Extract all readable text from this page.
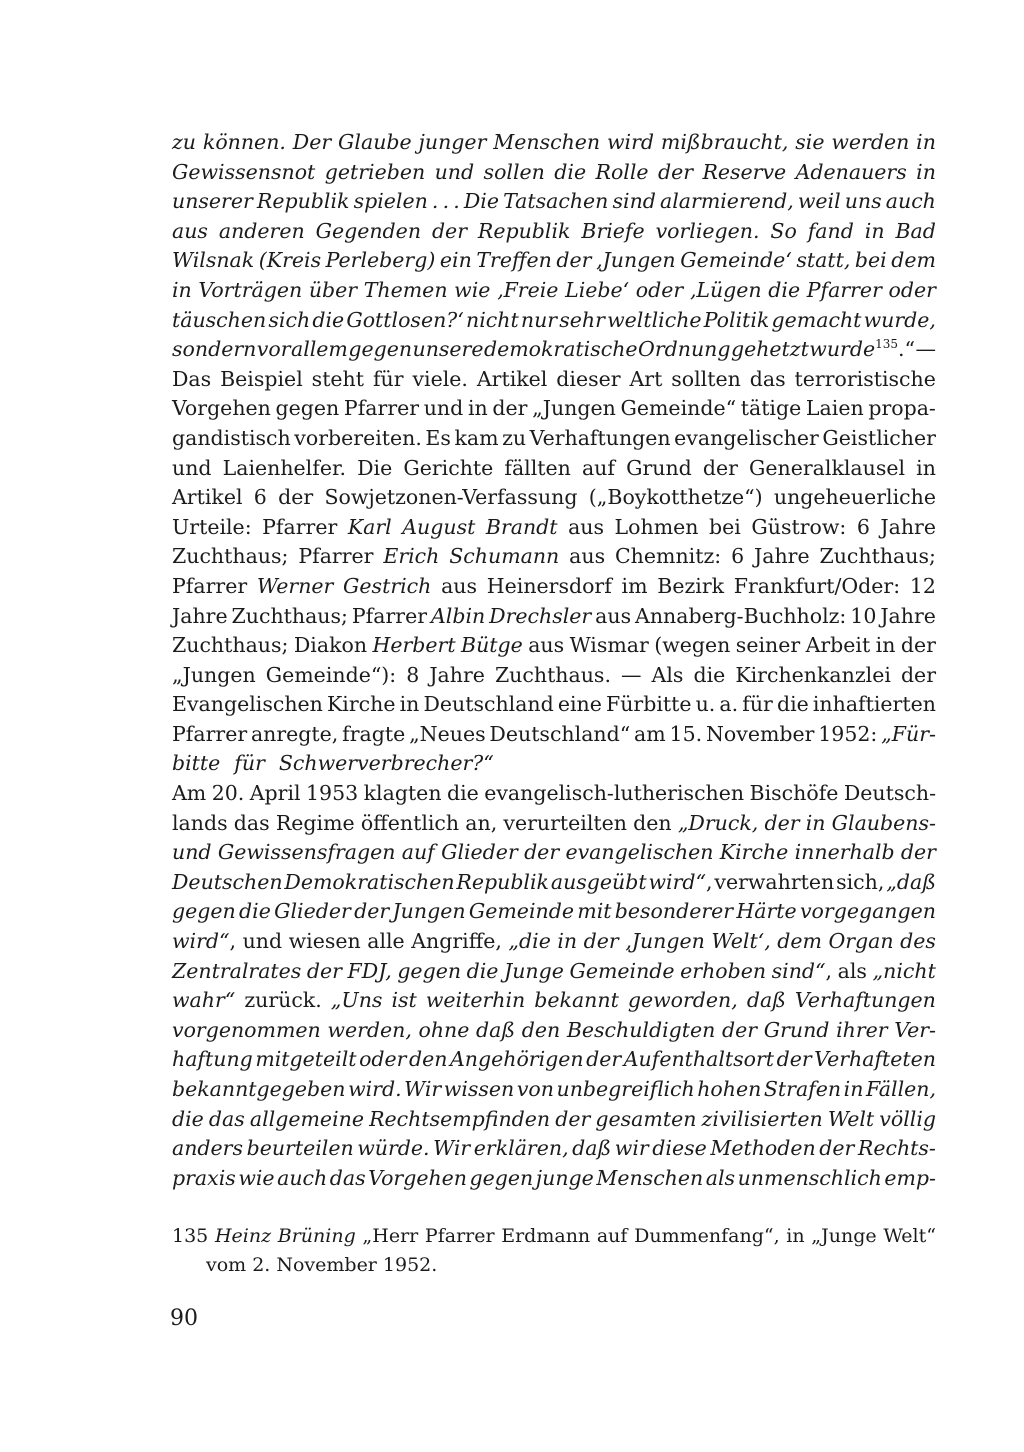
zu können. Der Glaube junger Menschen wird mißbraucht, sie werden in
Gewissensnot getrieben und sollen die Rolle der Reserve Adenauers in
unserer Republik spielen . . . Die Tatsachen sind alarmierend, weil uns auch
aus anderen Gegenden der Republik Briefe vorliegen. So fand in Bad
Wilsnak (Kreis Perleberg) ein Treffen der ‚Jungen Gemeinde‘ statt, bei dem
in Vorträgen über Themen wie ‚Freie Liebe‘ oder ‚Lügen die Pfarrer oder
täuschen sich die Gottlosen?‘ nicht nur sehr weltliche Politik gemacht wurde,
sondern vor allem gegen unsere demokratische Ordnung gehetzt wurde$^{135}$.“ —
Das Beispiel steht für viele. Artikel dieser Art sollten das terroristische
Vorgehen gegen Pfarrer und in der „Jungen Gemeinde“ tätige Laien propa-
gandistisch vorbereiten. Es kam zu Verhaftungen evangelischer Geistlicher
und Laienhelfer. Die Gerichte fällten auf Grund der Generalklausel in
Artikel 6 der Sowjetzonen-Verfassung („Boykotthetze“) ungeheuerliche
Urteile: Pfarrer Karl August Brandt aus Lohmen bei Güstrow: 6 Jahre
Zuchthaus; Pfarrer Erich Schumann aus Chemnitz: 6 Jahre Zuchthaus;
Pfarrer Werner Gestrich aus Heinersdorf im Bezirk Frankfurt/Oder: 12
Jahre Zuchthaus; Pfarrer Albin Drechsler aus Annaberg-Buchholz: 10 Jahre
Zuchthaus; Diakon Herbert Bütge aus Wismar (wegen seiner Arbeit in der
„Jungen Gemeinde“): 8 Jahre Zuchthaus. — Als die Kirchenkanzlei der
Evangelischen Kirche in Deutschland eine Fürbitte u. a. für die inhaftierten
Pfarrer anregte, fragte „Neues Deutschland“ am 15. November 1952: „Für-
bitte für Schwerverbrecher?“
Am 20. April 1953 klagten die evangelisch-lutherischen Bischöfe Deutsch-
lands das Regime öffentlich an, verurteilten den „Druck, der in Glaubens-
und Gewissensfragen auf Glieder der evangelischen Kirche innerhalb der
Deutschen Demokratischen Republik ausgeübt wird“, verwahrten sich, „daß
gegen die Glieder der Jungen Gemeinde mit besonderer Härte vorgegangen
wird“, und wiesen alle Angriffe, „die in der ‚Jungen Welt‘, dem Organ des
Zentralrates der FDJ, gegen die Junge Gemeinde erhoben sind“, als „nicht
wahr“ zurück. „Uns ist weiterhin bekannt geworden, daß Verhaftungen
vorgenommen werden, ohne daß den Beschuldigten der Grund ihrer Ver-
haftung mitgeteilt oder den Angehörigen der Aufenthaltsort der Verhafteten
bekanntgegeben wird. Wir wissen von unbegreiflich hohen Strafen in Fällen,
die das allgemeine Rechtsempfinden der gesamten zivilisierten Welt völlig
anders beurteilen würde. Wir erklären, daß wir diese Methoden der Rechts-
praxis wie auch das Vorgehen gegen junge Menschen als unmenschlich emp-
135 Heinz Brüning „Herr Pfarrer Erdmann auf Dummenfang“, in „Junge Welt“
vom 2. November 1952.
90
